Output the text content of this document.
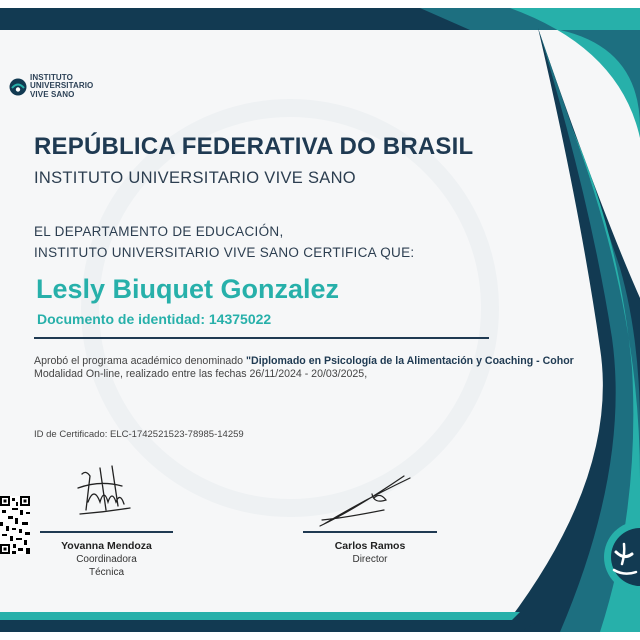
INSTITUTO
UNIVERSITARIO
VIVE SANO
REPÚBLICA FEDERATIVA DO BRASIL
INSTITUTO UNIVERSITARIO VIVE SANO
EL DEPARTAMENTO DE EDUCACIÓN,
INSTITUTO UNIVERSITARIO VIVE SANO CERTIFICA QUE:
Lesly Biuquet Gonzalez
Documento de identidad: 14375022
Aprobó el programa académico denominado "Diplomado en Psicología de la Alimentación y Coaching - Cohor
Modalidad On-line, realizado entre las fechas 26/11/2024 - 20/03/2025,
ID de Certificado: ELC-1742521523-78985-14259
Yovanna Mendoza
Coordinadora
Técnica
Carlos Ramos
Director
